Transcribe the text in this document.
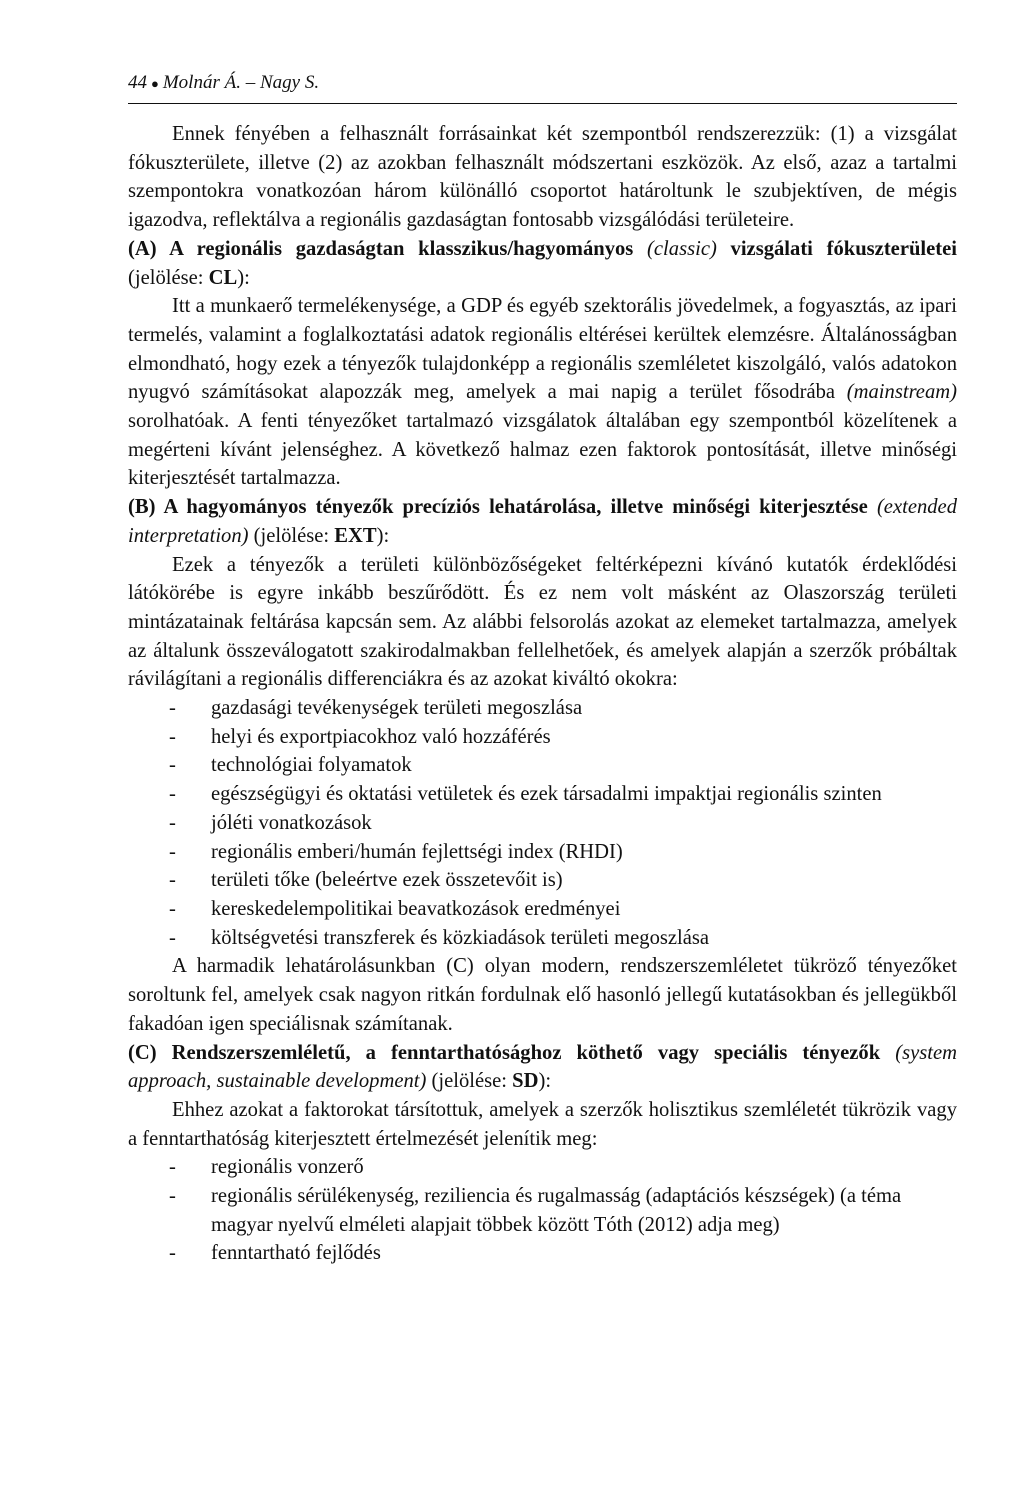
44 ● Molnár Á. – Nagy S.

Ennek fényében a felhasznált forrásainkat két szempontból rendszerezzük: (1) a vizsgálat fókuszterülete, illetve (2) az azokban felhasznált módszertani eszközök. Az első, azaz a tartalmi szempontokra vonatkozóan három különálló csoportot határoltunk le szubjektíven, de mégis igazodva, reflektálva a regionális gazdaságtan fontosabb vizsgálódási területeire.

(A) A regionális gazdaságtan klasszikus/hagyományos (classic) vizsgálati fókuszterületei (jelölése: CL):

Itt a munkaerő termelékenysége, a GDP és egyéb szektorális jövedelmek, a fogyasztás, az ipari termelés, valamint a foglalkoztatási adatok regionális eltérései kerültek elemzésre. Általánosságban elmondható, hogy ezek a tényezők tulajdonképp a regionális szemléletet kiszolgáló, valós adatokon nyugvó számításokat alapozzák meg, amelyek a mai napig a terület fősodrába (mainstream) sorolhatóak. A fenti tényezőket tartalmazó vizsgálatok általában egy szempontból közelítenek a megérteni kívánt jelenséghez. A következő halmaz ezen faktorok pontosítását, illetve minőségi kiterjesztését tartalmazza.

(B) A hagyományos tényezők precíziós lehatárolása, illetve minőségi kiterjesztése (extended interpretation) (jelölése: EXT):

Ezek a tényezők a területi különbözőségeket feltérképezni kívánó kutatók érdeklődési látókörébe is egyre inkább beszűrődött. És ez nem volt másként az Olaszország területi mintázatainak feltárása kapcsán sem. Az alábbi felsorolás azokat az elemeket tartalmazza, amelyek az általunk összeválogatott szakirodalmakban fellelhetőek, és amelyek alapján a szerzők próbáltak rávilágítani a regionális differenciákra és az azokat kiváltó okokra:

- gazdasági tevékenységek területi megoszlása
- helyi és exportpiacokhoz való hozzáférés
- technológiai folyamatok
- egészségügyi és oktatási vetületek és ezek társadalmi impaktjai regionális szinten
- jóléti vonatkozások
- regionális emberi/humán fejlettségi index (RHDI)
- területi tőke (beleértve ezek összetevőit is)
- kereskedelempolitikai beavatkozások eredményei
- költségvetési transzferek és közkiadások területi megoszlása

A harmadik lehatárolásunkban (C) olyan modern, rendszerszemléletet tükröző tényezőket soroltunk fel, amelyek csak nagyon ritkán fordulnak elő hasonló jellegű kutatásokban és jellegükből fakadóan igen speciálisnak számítanak.

(C) Rendszerszemléletű, a fenntarthatósághoz köthető vagy speciális tényezők (system approach, sustainable development) (jelölése: SD):

Ehhez azokat a faktorokat társítottuk, amelyek a szerzők holisztikus szemléletét tükrözik vagy a fenntarthatóság kiterjesztett értelmezését jelenítik meg:

- regionális vonzerő
- regionális sérülékenység, reziliencia és rugalmasság (adaptációs készségek) (a téma magyar nyelvű elméleti alapjait többek között Tóth (2012) adja meg)
- fenntartható fejlődés
